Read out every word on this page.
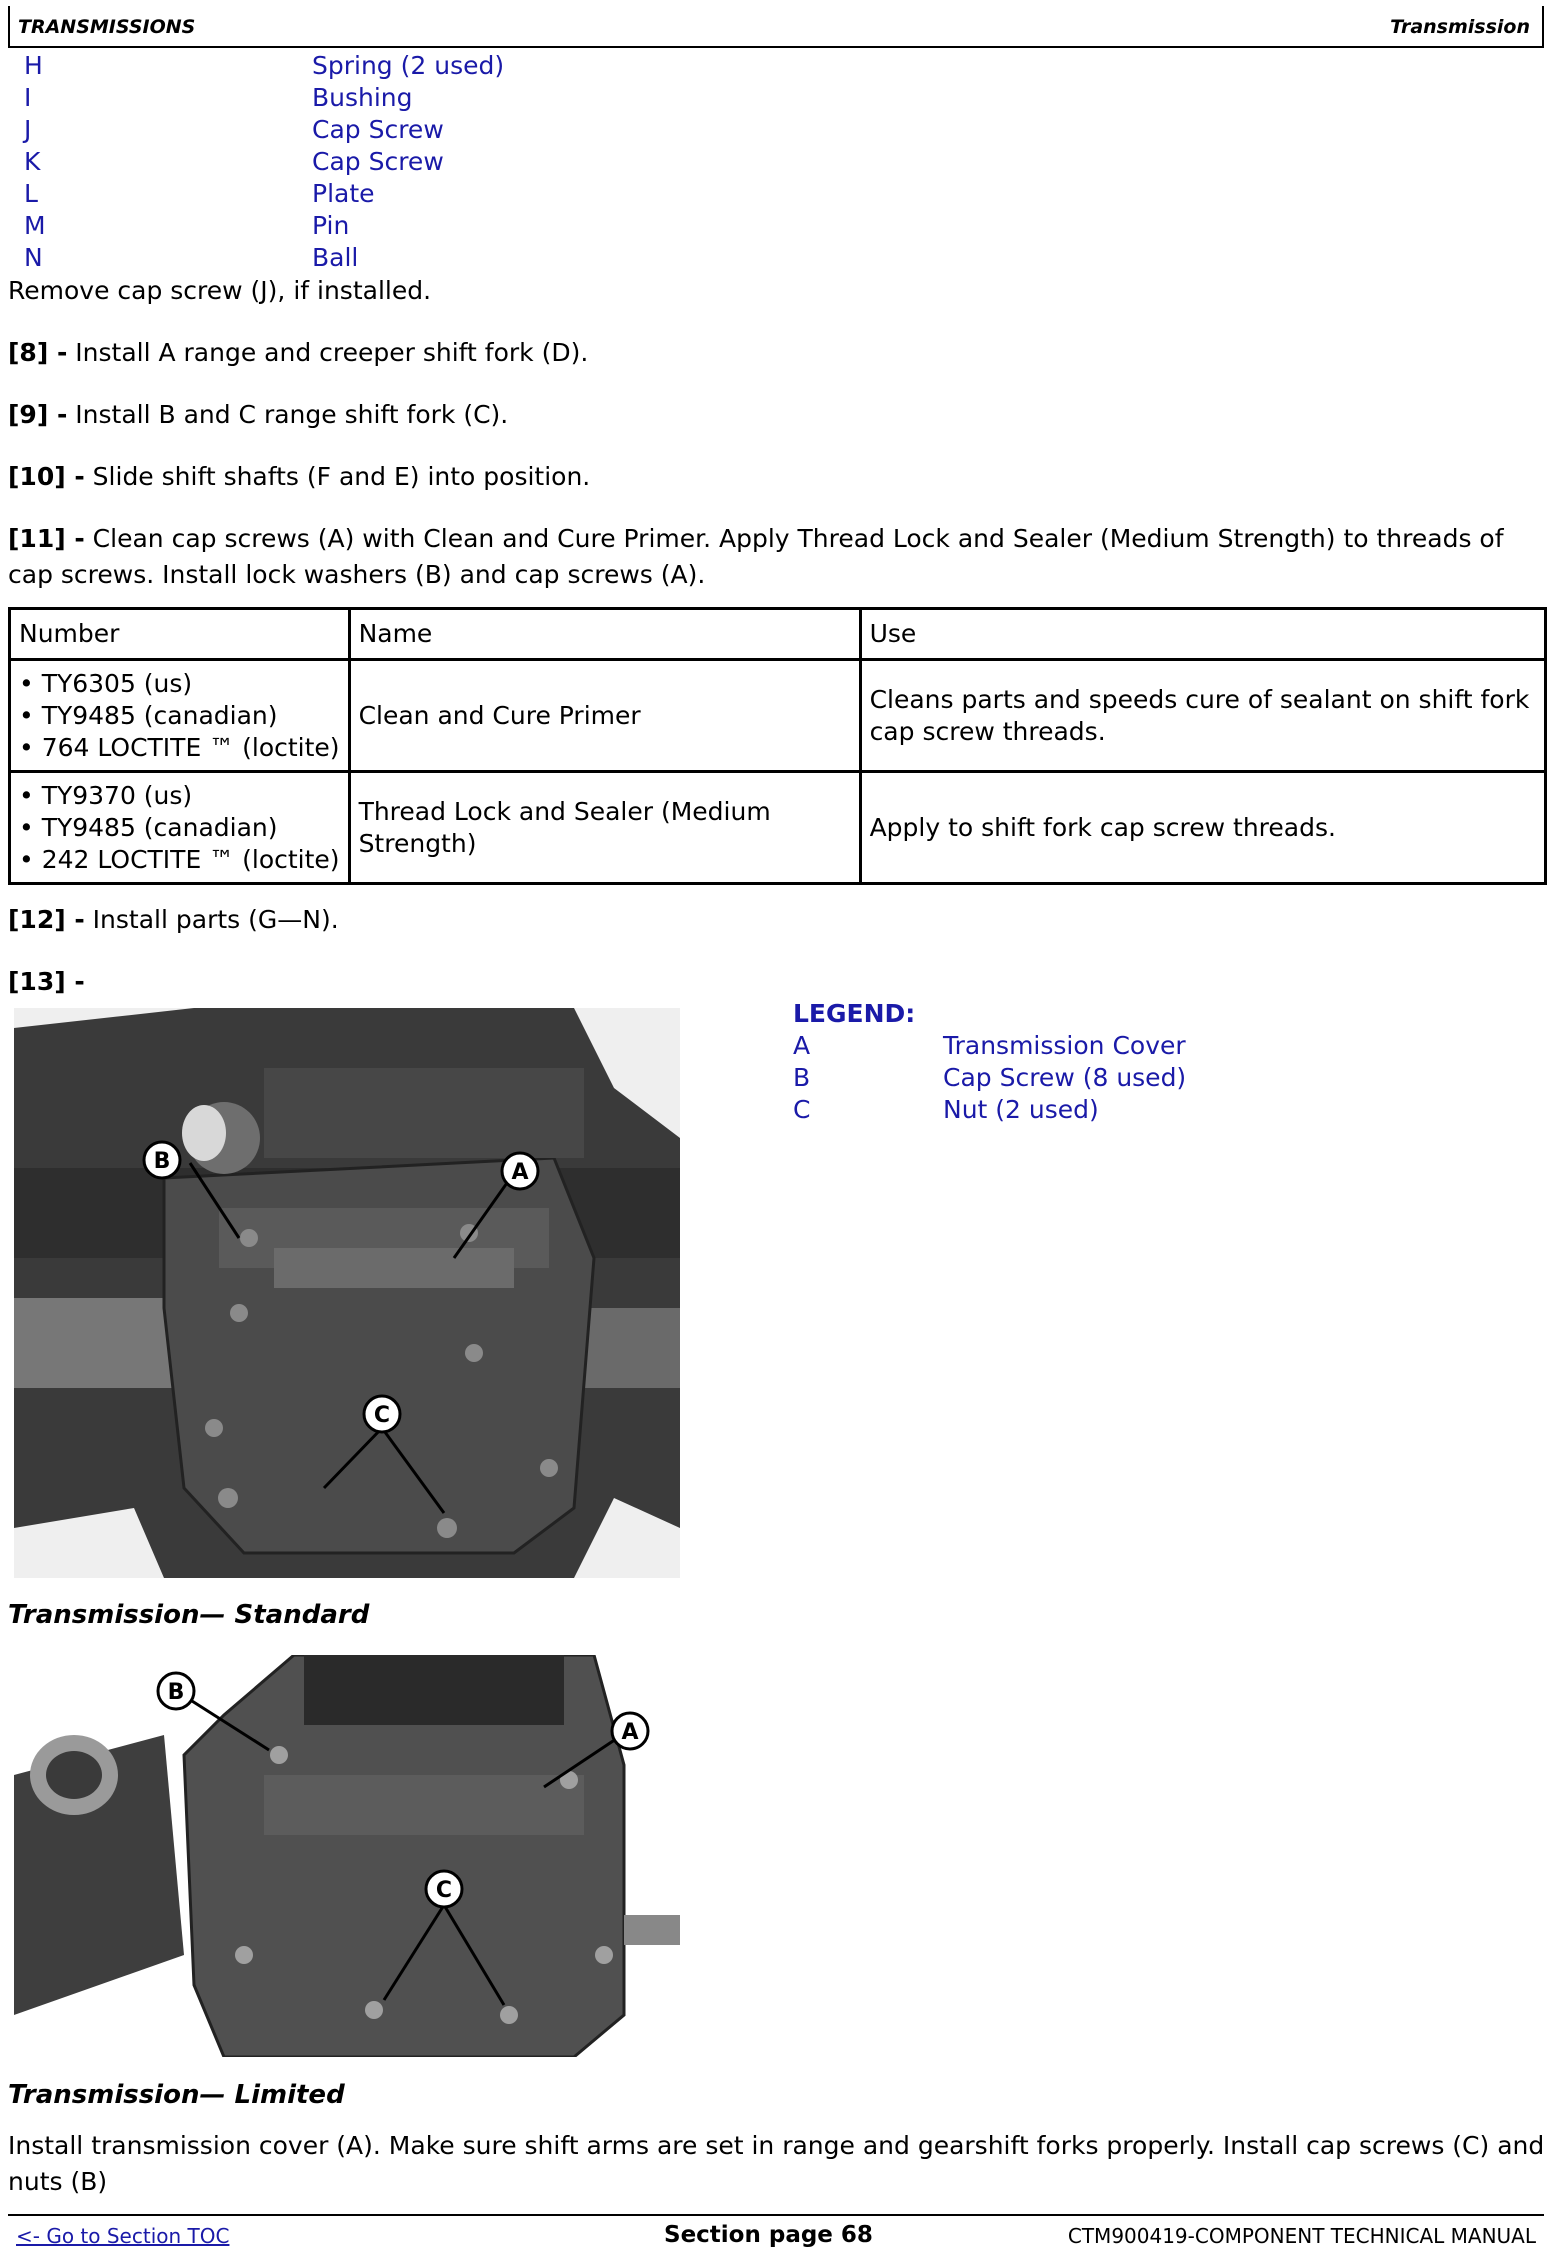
TRANSMISSIONS	Transmission
H	Spring (2 used)
I	Bushing
J	Cap Screw
K	Cap Screw
L	Plate
M	Pin
N	Ball
Remove cap screw (J), if installed.
[8] - Install A range and creeper shift fork (D).
[9] - Install B and C range shift fork (C).
[10] - Slide shift shafts (F and E) into position.
[11] - Clean cap screws (A) with Clean and Cure Primer. Apply Thread Lock and Sealer (Medium Strength) to threads of cap screws. Install lock washers (B) and cap screws (A).
Number	Name	Use

• TY6305 (us)
• TY9485 (canadian)
• 764 LOCTITE ™ (loctite)	Clean and Cure Primer	Cleans parts and speeds cure of sealant on shift fork cap screw threads.

• TY9370 (us)
• TY9485 (canadian)
• 242 LOCTITE ™ (loctite)	Thread Lock and Sealer (Medium Strength)	Apply to shift fork cap screw threads.
[12] - Install parts (G—N).
[13] -
B	A
C
LEGEND:
A	Transmission Cover
B	Cap Screw (8 used)
C	Nut (2 used)
Transmission— Standard
B
A
C
Transmission— Limited
Install transmission cover (A). Make sure shift arms are set in range and gearshift forks properly. Install cap screws (C) and nuts (B)
<- Go to Section TOC	Section page 68	CTM900419-COMPONENT TECHNICAL MANUAL
